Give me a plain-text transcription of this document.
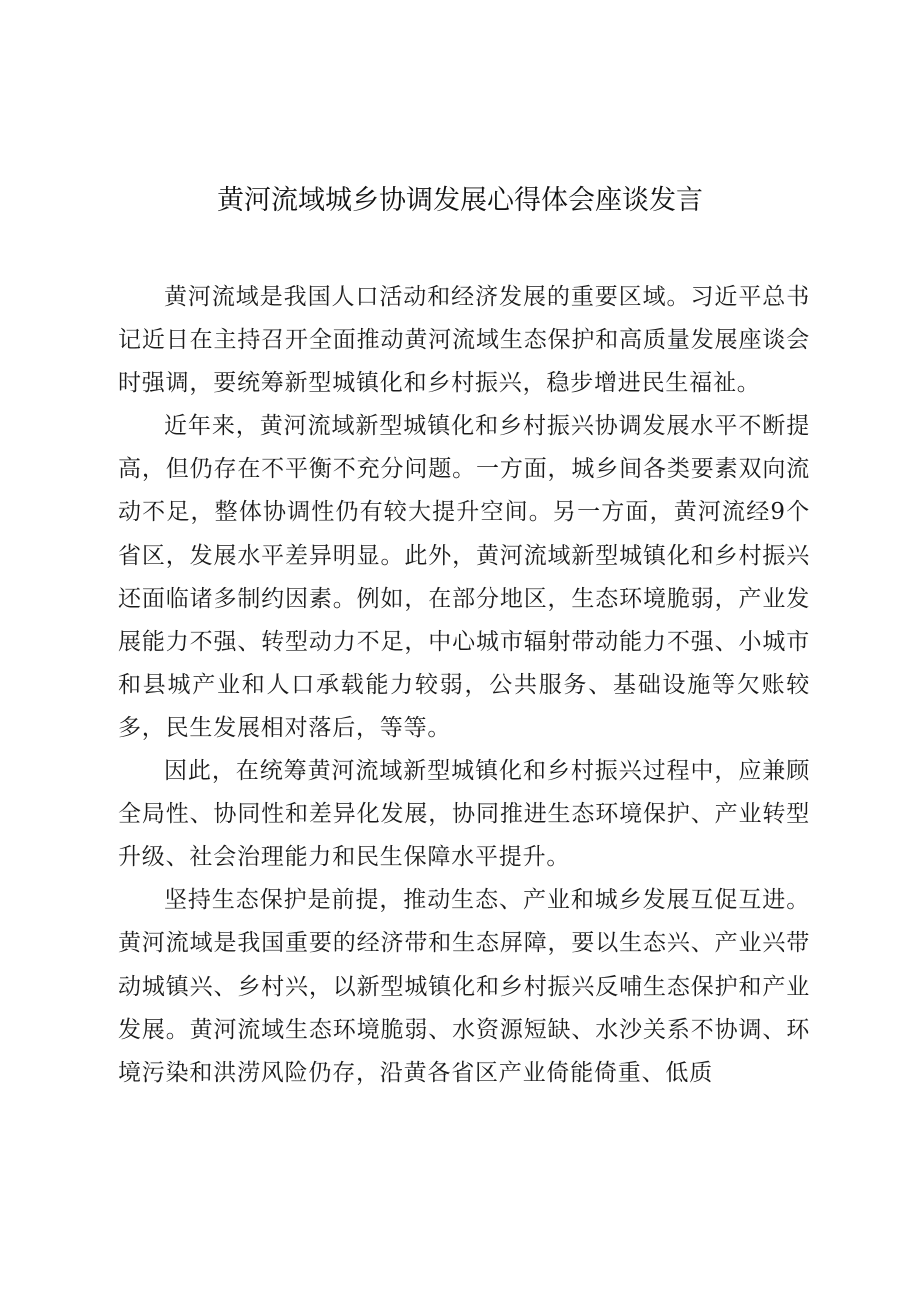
黄河流域城乡协调发展心得体会座谈发言

黄河流域是我国人口活动和经济发展的重要区域。习近平总书记近日在主持召开全面推动黄河流域生态保护和高质量发展座谈会时强调，要统筹新型城镇化和乡村振兴，稳步增进民生福祉。

近年来，黄河流域新型城镇化和乡村振兴协调发展水平不断提高，但仍存在不平衡不充分问题。一方面，城乡间各类要素双向流动不足，整体协调性仍有较大提升空间。另一方面，黄河流经9个省区，发展水平差异明显。此外，黄河流域新型城镇化和乡村振兴还面临诸多制约因素。例如，在部分地区，生态环境脆弱，产业发展能力不强、转型动力不足，中心城市辐射带动能力不强、小城市和县城产业和人口承载能力较弱，公共服务、基础设施等欠账较多，民生发展相对落后，等等。

因此，在统筹黄河流域新型城镇化和乡村振兴过程中，应兼顾全局性、协同性和差异化发展，协同推进生态环境保护、产业转型升级、社会治理能力和民生保障水平提升。

坚持生态保护是前提，推动生态、产业和城乡发展互促互进。黄河流域是我国重要的经济带和生态屏障，要以生态兴、产业兴带动城镇兴、乡村兴，以新型城镇化和乡村振兴反哺生态保护和产业发展。黄河流域生态环境脆弱、水资源短缺、水沙关系不协调、环境污染和洪涝风险仍存，沿黄各省区产业倚能倚重、低质
